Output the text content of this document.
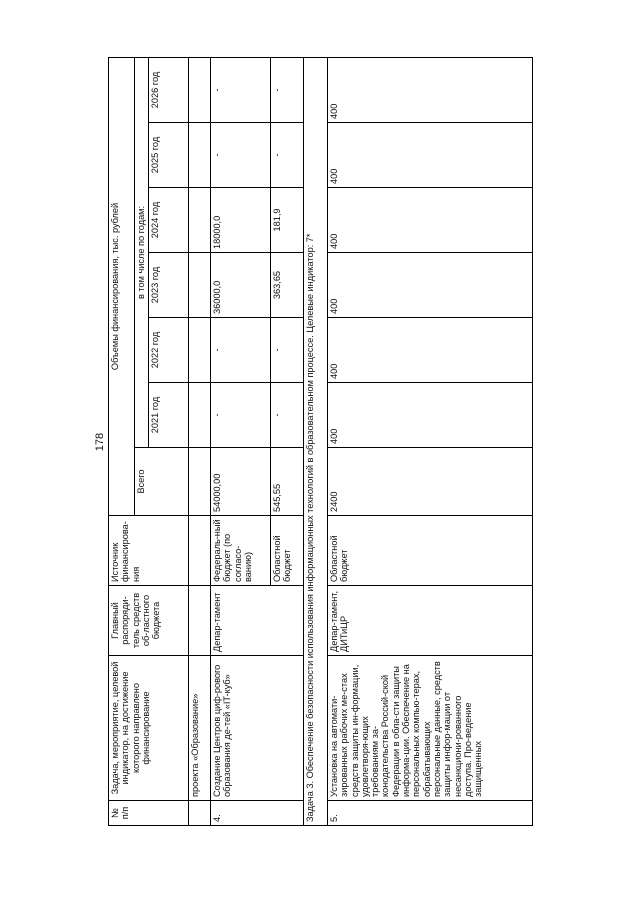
178
№ п/п	Задача, мероприятие, целевой индикатор, на достижение которого направлено финансирование	Главный распоряди-тель средств об-ластного бюджета	Источник финансирова-ния	Объемы финансирования, тыс. рублей						
				Всего	в том числе по годам:					
					2021 год	2022 год	2023 год	2024 год	2025 год	2026 год
	проекта «Образование»									
4.	Создание Центров циф-рового образования де-тей «IT-куб»	Депар-тамент	Федераль-ный бюджет (по согласо-ванию)	54000,00	-	-	36000,0	18000,0	-	-
			Областной бюджет	545,55	-	-	363,65	181,9	-	-
Задача 3. Обеспечение безопасности использования информационных технологий в образовательном процессе. Целевые индикатор: 7*										
5.	Установка на автомати-зированных рабочих ме-стах средств защиты ин-формации, удовлетворя-ющих требованиям за-конодательства Россий-ской Федерации в обла-сти защиты информа-ции. Обеспечение на персональных компью-терах, обрабатывающих персональные данные, средств защиты инфор-мации от несанкциони-рованного доступа. Про-ведение защищенных	Депар-тамент, ДИТиЦР	Областной бюджет	2400	400	400	400	400	400	400
